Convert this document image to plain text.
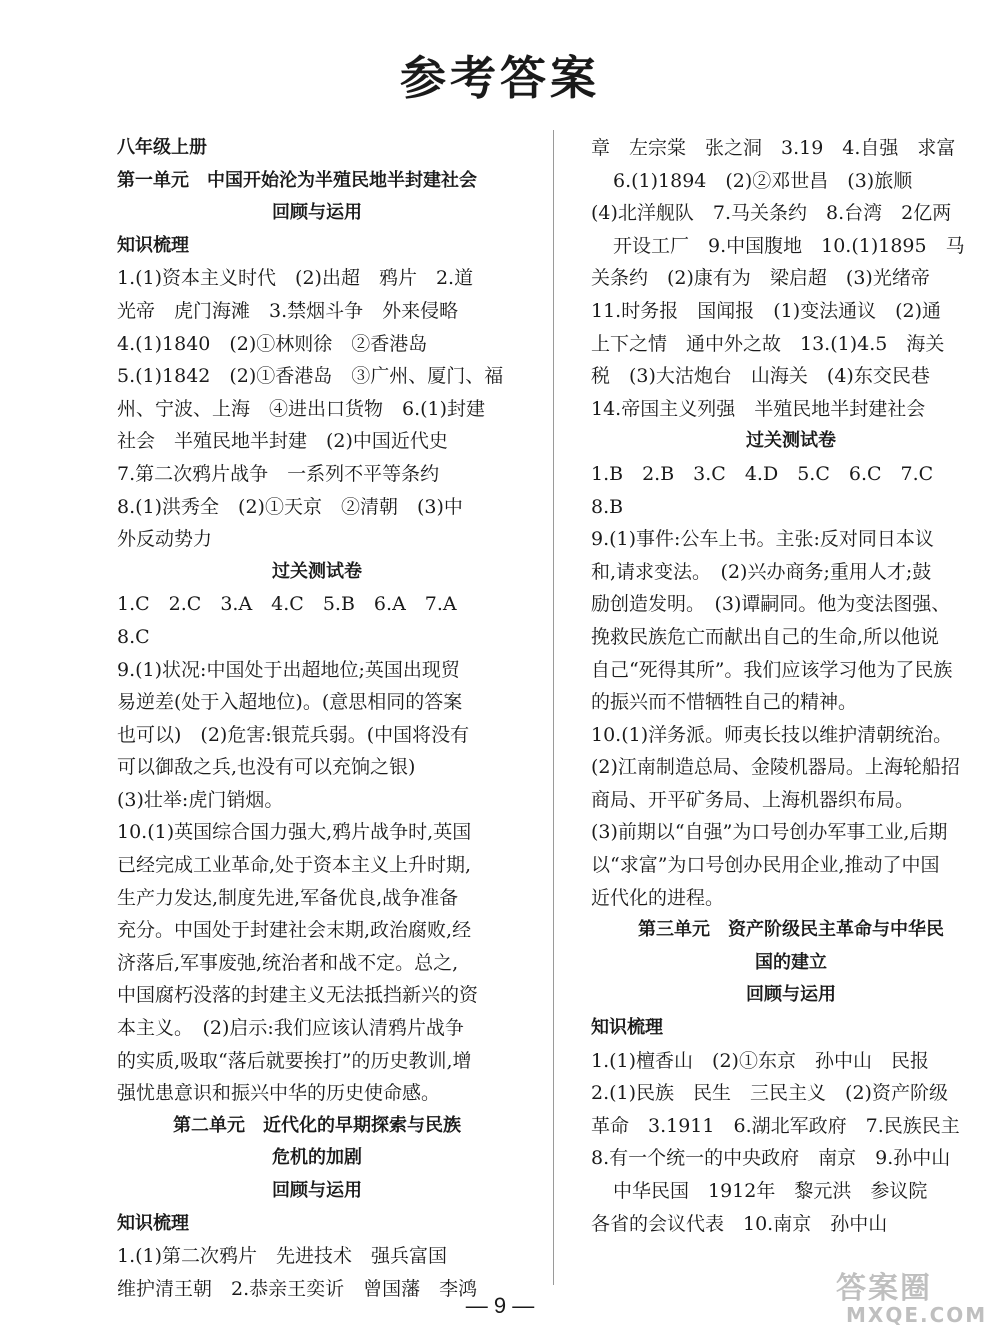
参考答案
八年级上册
第一单元　中国开始沦为半殖民地半封建社会
回顾与运用
知识梳理
1.(1)资本主义时代　(2)出超　鸦片　2.道
光帝　虎门海滩　3.禁烟斗争　外来侵略
4.(1)1840　(2)①林则徐　②香港岛
5.(1)1842　(2)①香港岛　③广州、厦门、福
州、宁波、上海　④进出口货物　6.(1)封建
社会　半殖民地半封建　(2)中国近代史
7.第二次鸦片战争　一系列不平等条约
8.(1)洪秀全　(2)①天京　②清朝　(3)中
外反动势力
过关测试卷
1.C　2.C　3.A　4.C　5.B　6.A　7.A
8.C
9.(1)状况:中国处于出超地位;英国出现贸
易逆差(处于入超地位)。(意思相同的答案
也可以)　(2)危害:银荒兵弱。(中国将没有
可以御敌之兵,也没有可以充饷之银)
(3)壮举:虎门销烟。
10.(1)英国综合国力强大,鸦片战争时,英国
已经完成工业革命,处于资本主义上升时期,
生产力发达,制度先进,军备优良,战争准备
充分。中国处于封建社会末期,政治腐败,经
济落后,军事废弛,统治者和战不定。总之,
中国腐朽没落的封建主义无法抵挡新兴的资
本主义。　(2)启示:我们应该认清鸦片战争
的实质,吸取“落后就要挨打”的历史教训,增
强忧患意识和振兴中华的历史使命感。
第二单元　近代化的早期探索与民族
危机的加剧
回顾与运用
知识梳理
1.(1)第二次鸦片　先进技术　强兵富国
维护清王朝　2.恭亲王奕䜣　曾国藩　李鸿
章　左宗棠　张之洞　3.19　4.自强　求富
6.(1)1894　(2)②邓世昌　(3)旅顺
(4)北洋舰队　7.马关条约　8.台湾　2亿两
开设工厂　9.中国腹地　10.(1)1895　马
关条约　(2)康有为　梁启超　(3)光绪帝
11.时务报　国闻报　(1)变法通议　(2)通
上下之情　通中外之故　13.(1)4.5　海关
税　(3)大沽炮台　山海关　(4)东交民巷
14.帝国主义列强　半殖民地半封建社会
过关测试卷
1.B　2.B　3.C　4.D　5.C　6.C　7.C
8.B
9.(1)事件:公车上书。主张:反对同日本议
和,请求变法。　(2)兴办商务;重用人才;鼓
励创造发明。　(3)谭嗣同。他为变法图强、
挽救民族危亡而献出自己的生命,所以他说
自己“死得其所”。我们应该学习他为了民族
的振兴而不惜牺牲自己的精神。
10.(1)洋务派。师夷长技以维护清朝统治。
(2)江南制造总局、金陵机器局。上海轮船招
商局、开平矿务局、上海机器织布局。
(3)前期以“自强”为口号创办军事工业,后期
以“求富”为口号创办民用企业,推动了中国
近代化的进程。
第三单元　资产阶级民主革命与中华民
国的建立
回顾与运用
知识梳理
1.(1)檀香山　(2)①东京　孙中山　民报
2.(1)民族　民生　三民主义　(2)资产阶级
革命　3.1911　6.湖北军政府　7.民族民主
8.有一个统一的中央政府　南京　9.孙中山
中华民国　1912年　黎元洪　参议院
各省的会议代表　10.南京　孙中山
— 9 —	答案圈
MXQE.COM
